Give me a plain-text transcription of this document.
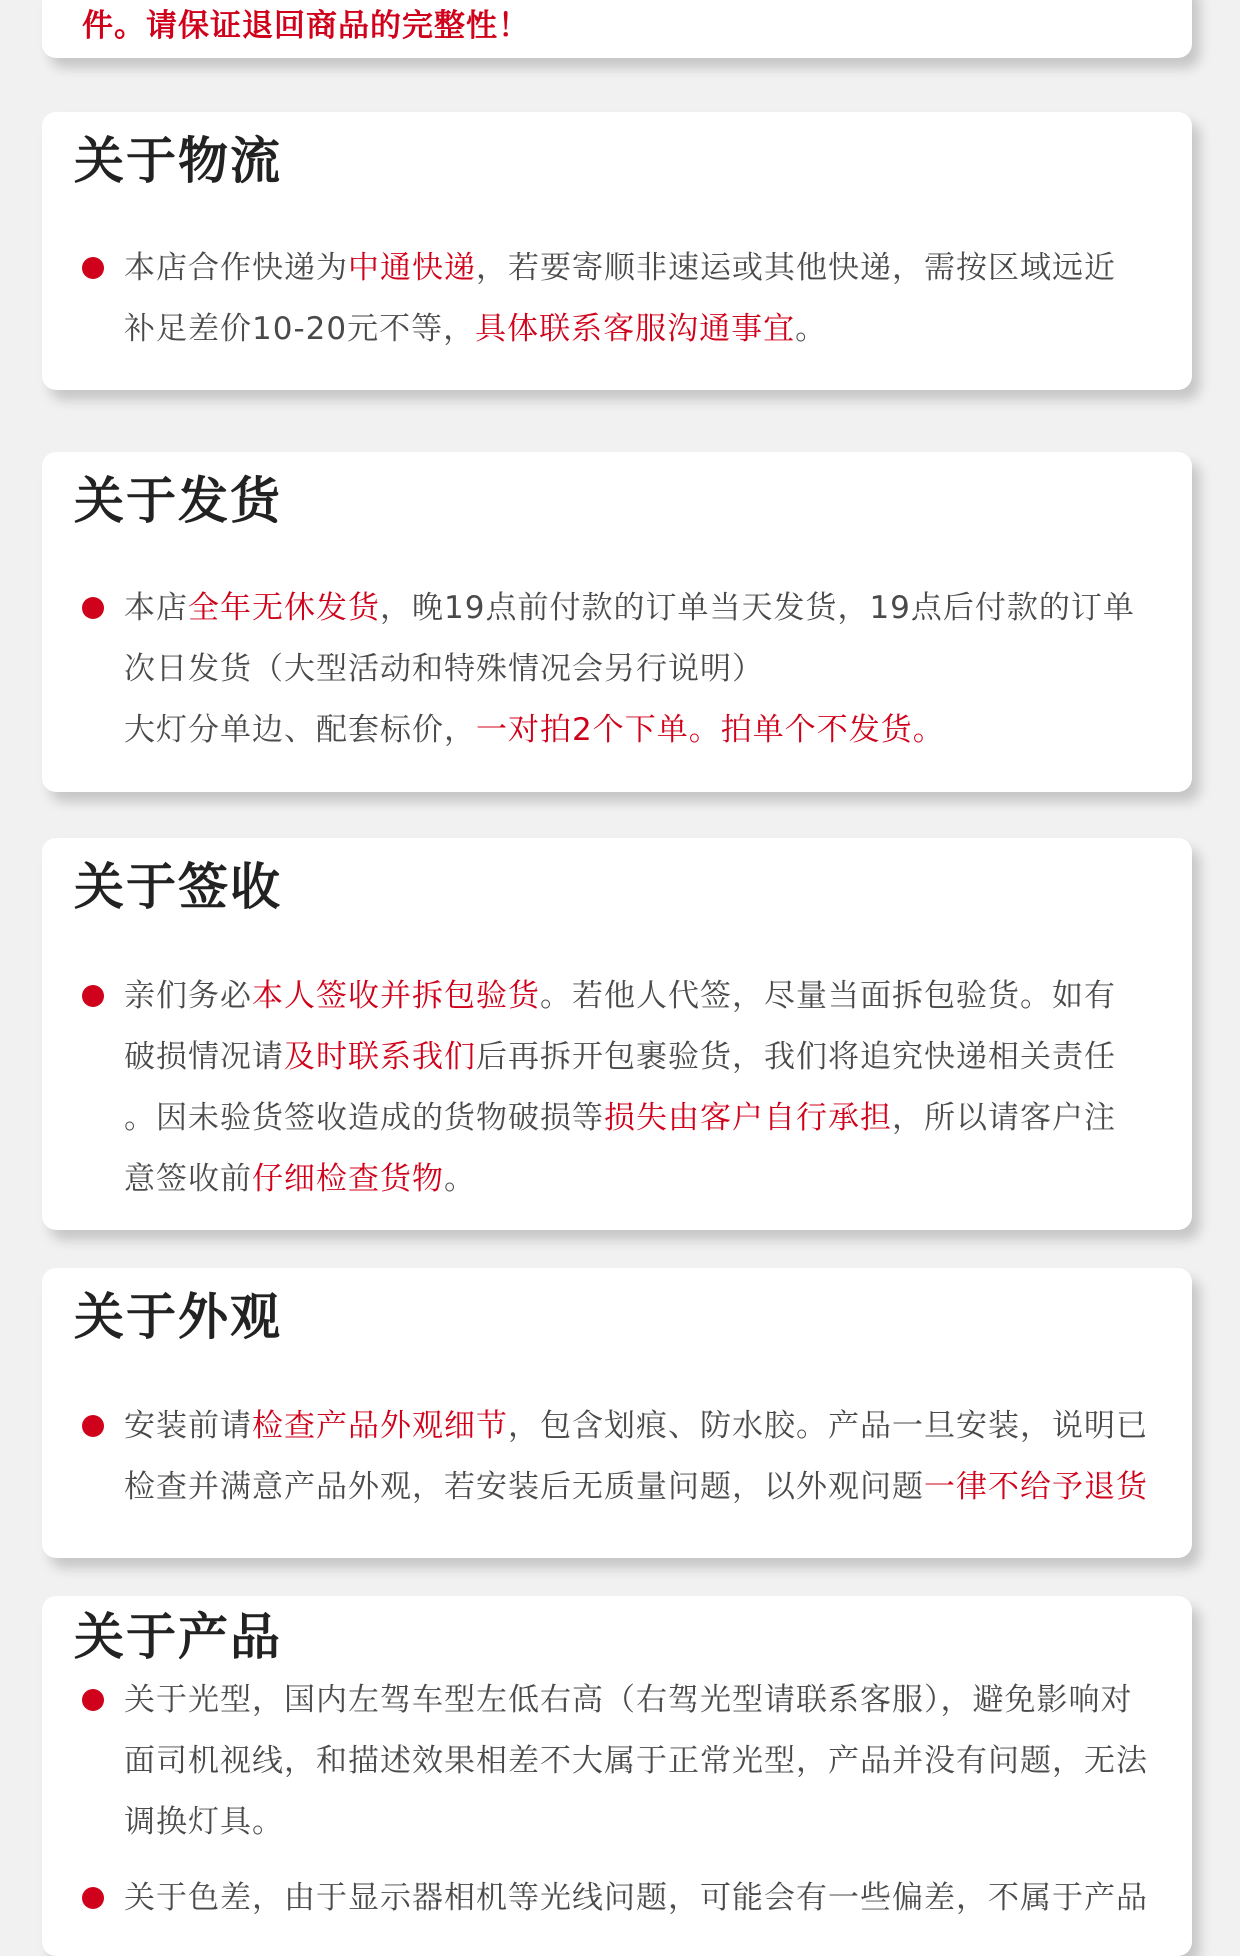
件。请保证退回商品的完整性！
关于物流
本店合作快递为中通快递，若要寄顺非速运或其他快递，需按区域远近
补足差价10-20元不等，具体联系客服沟通事宜。
关于发货
本店全年无休发货，晚19点前付款的订单当天发货，19点后付款的订单
次日发货（大型活动和特殊情况会另行说明）
大灯分单边、配套标价，一对拍2个下单。拍单个不发货。
关于签收
亲们务必本人签收并拆包验货。若他人代签，尽量当面拆包验货。如有
破损情况请及时联系我们后再拆开包裹验货，我们将追究快递相关责任
。因未验货签收造成的货物破损等损失由客户自行承担，所以请客户注
意签收前仔细检查货物。
关于外观
安装前请检查产品外观细节，包含划痕、防水胶。产品一旦安装，说明已
检查并满意产品外观，若安装后无质量问题，以外观问题一律不给予退货
关于产品
关于光型，国内左驾车型左低右高（右驾光型请联系客服），避免影响对
面司机视线，和描述效果相差不大属于正常光型，产品并没有问题，无法
调换灯具。
关于色差，由于显示器相机等光线问题，可能会有一些偏差，不属于产品
